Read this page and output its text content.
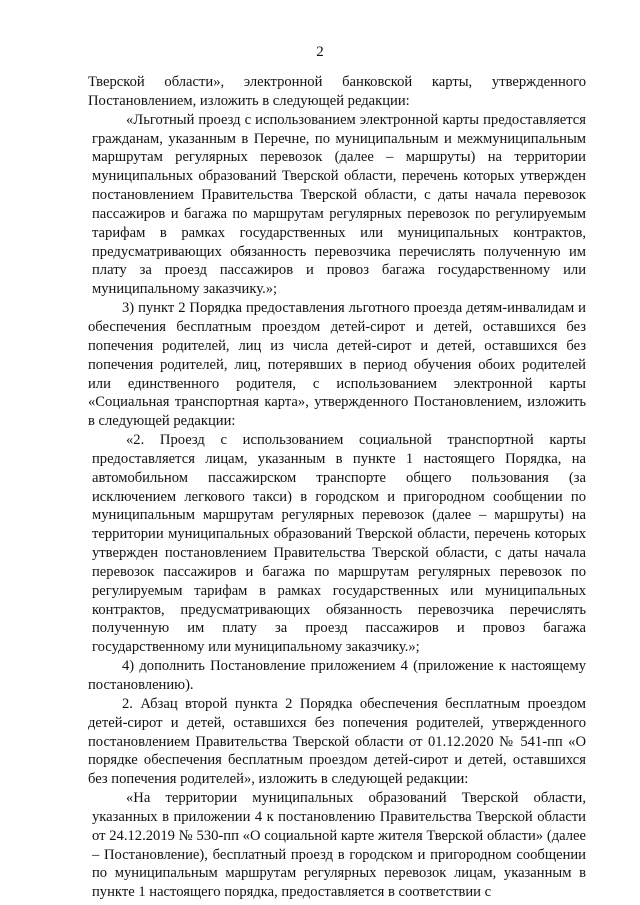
2

Тверской области», электронной банковской карты, утвержденного Постановлением, изложить в следующей редакции:

«Льготный проезд с использованием электронной карты предоставляется гражданам, указанным в Перечне, по муниципальным и межмуниципальным маршрутам регулярных перевозок (далее – маршруты) на территории муниципальных образований Тверской области, перечень которых утвержден постановлением Правительства Тверской области, с даты начала перевозок пассажиров и багажа по маршрутам регулярных перевозок по регулируемым тарифам в рамках государственных или муниципальных контрактов, предусматривающих обязанность перевозчика перечислять полученную им плату за проезд пассажиров и провоз багажа государственному или муниципальному заказчику.»;

3) пункт 2 Порядка предоставления льготного проезда детям-инвалидам и обеспечения бесплатным проездом детей-сирот и детей, оставшихся без попечения родителей, лиц из числа детей-сирот и детей, оставшихся без попечения родителей, лиц, потерявших в период обучения обоих родителей или единственного родителя, с использованием электронной карты «Социальная транспортная карта», утвержденного Постановлением, изложить в следующей редакции:

«2. Проезд с использованием социальной транспортной карты предоставляется лицам, указанным в пункте 1 настоящего Порядка, на автомобильном пассажирском транспорте общего пользования (за исключением легкового такси) в городском и пригородном сообщении по муниципальным маршрутам регулярных перевозок (далее – маршруты) на территории муниципальных образований Тверской области, перечень которых утвержден постановлением Правительства Тверской области, с даты начала перевозок пассажиров и багажа по маршрутам регулярных перевозок по регулируемым тарифам в рамках государственных или муниципальных контрактов, предусматривающих обязанность перевозчика перечислять полученную им плату за проезд пассажиров и провоз багажа государственному или муниципальному заказчику.»;

4) дополнить Постановление приложением 4 (приложение к настоящему постановлению).

2. Абзац второй пункта 2 Порядка обеспечения бесплатным проездом детей-сирот и детей, оставшихся без попечения родителей, утвержденного постановлением Правительства Тверской области от 01.12.2020 № 541-пп «О порядке обеспечения бесплатным проездом детей-сирот и детей, оставшихся без попечения родителей», изложить в следующей редакции:

«На территории муниципальных образований Тверской области, указанных в приложении 4 к постановлению Правительства Тверской области от 24.12.2019 № 530-пп «О социальной карте жителя Тверской области» (далее – Постановление), бесплатный проезд в городском и пригородном сообщении по муниципальным маршрутам регулярных перевозок лицам, указанным в пункте 1 настоящего порядка, предоставляется в соответствии с
